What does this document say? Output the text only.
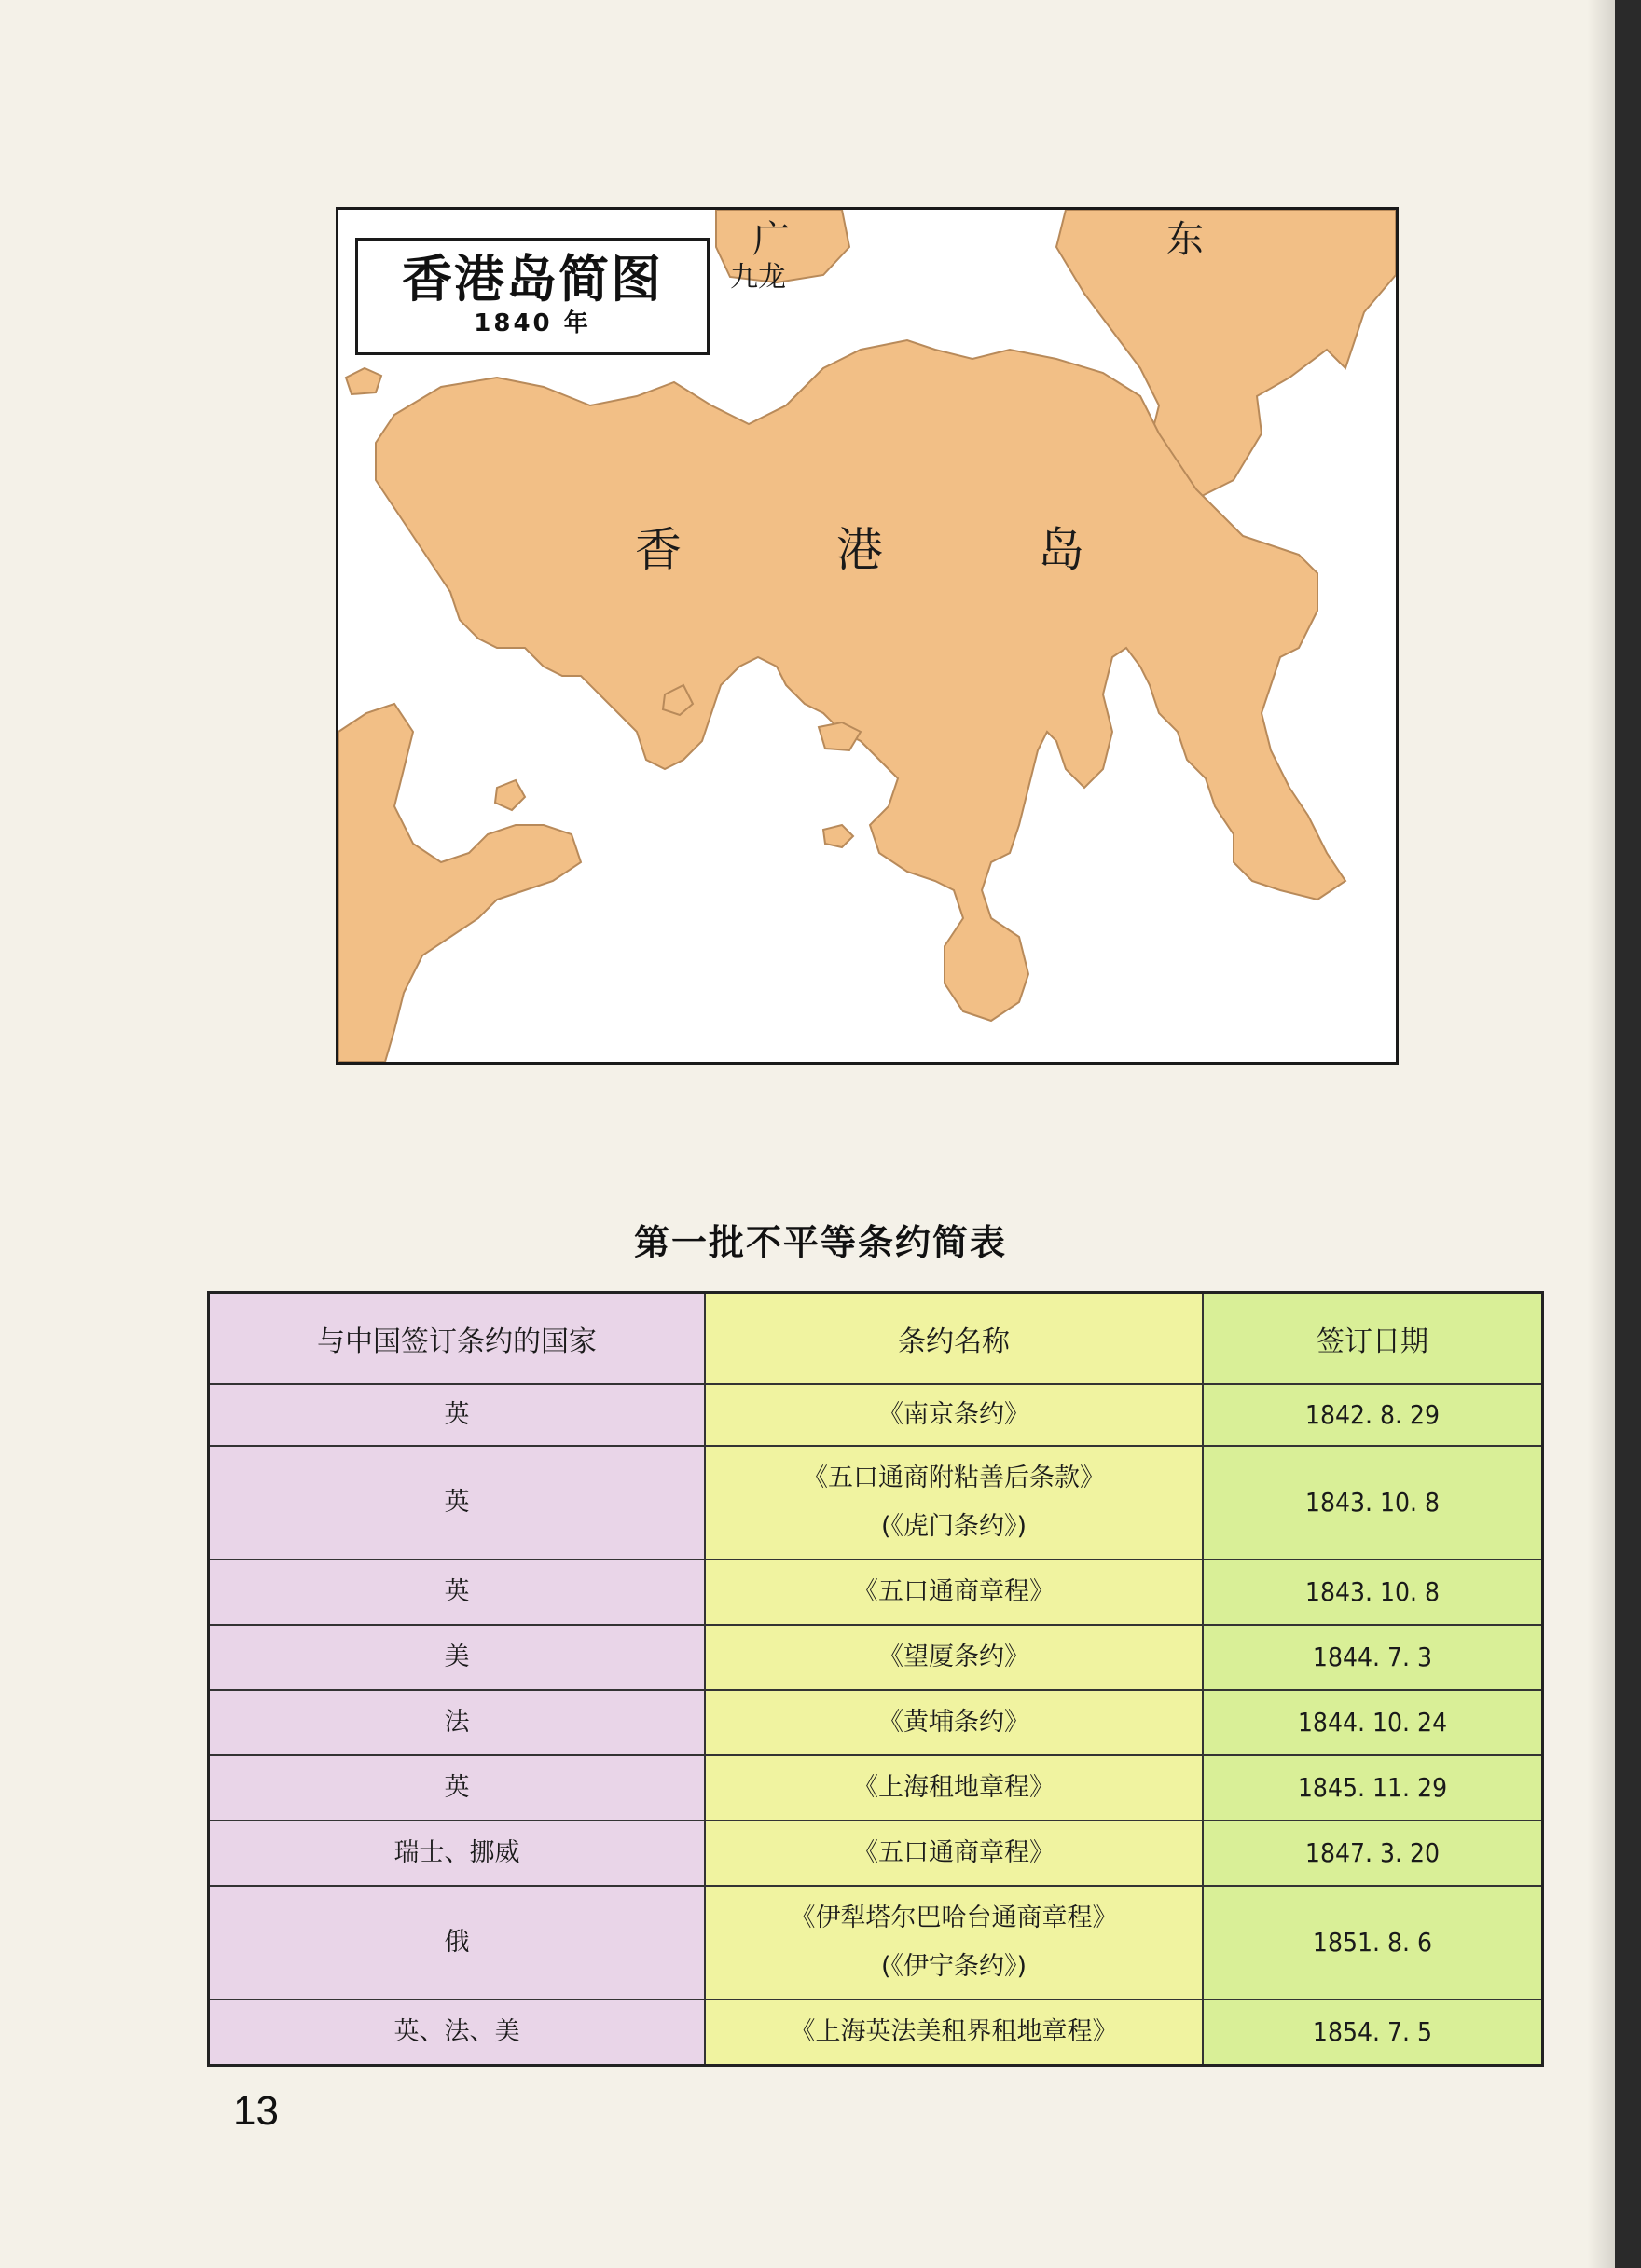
香港岛简图
1840 年
广
九龙
东
香	港	岛
第一批不平等条约简表
与中国签订条约的国家	条约名称	签订日期
英	《南京条约》	1842. 8. 29
英	《五口通商附粘善后条款》
(《虎门条约》)	1843. 10. 8
英	《五口通商章程》	1843. 10. 8
美	《望厦条约》	1844. 7. 3
法	《黄埔条约》	1844. 10. 24
英	《上海租地章程》	1845. 11. 29
瑞士、挪威	《五口通商章程》	1847. 3. 20
俄	《伊犁塔尔巴哈台通商章程》
(《伊宁条约》)	1851. 8. 6
英、法、美	《上海英法美租界租地章程》	1854. 7. 5
13
